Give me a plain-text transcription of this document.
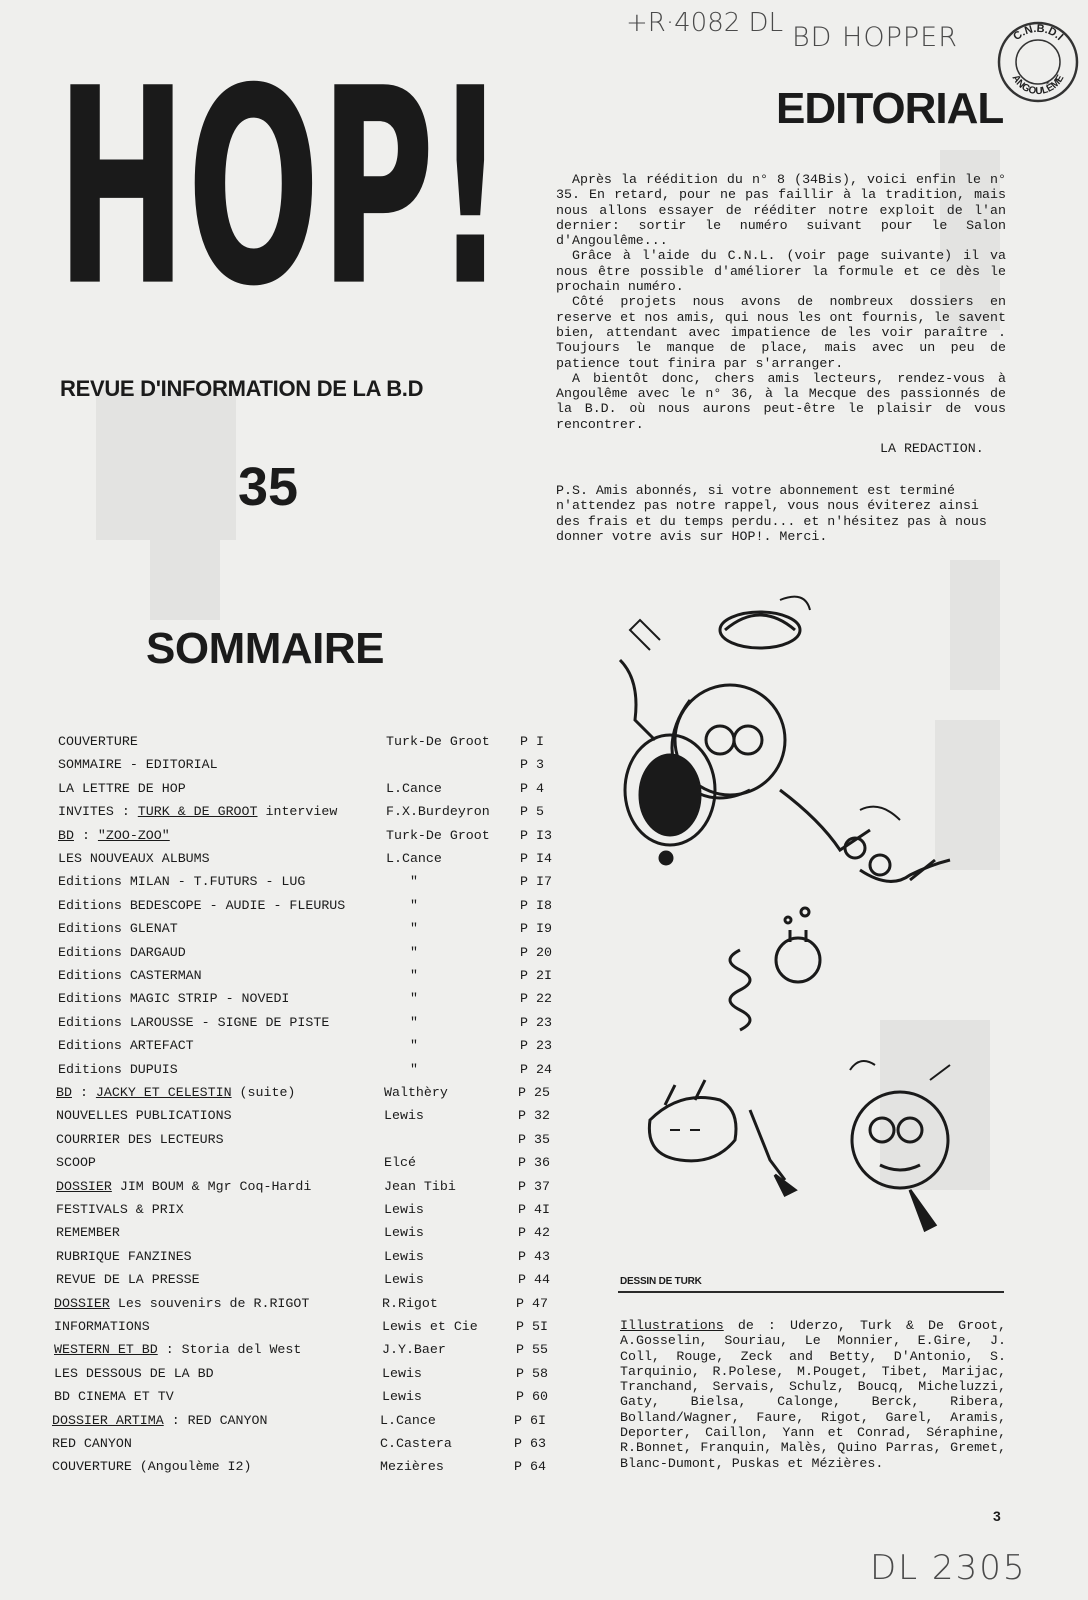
+R·4082 DL BD HOPPER
DL 2305
C.N.B.D.I
ANGOULÊME
HOP!
REVUE D'INFORMATION DE LA B.D
35
SOMMAIRE
EDITORIAL

Après la réédition du n° 8 (34Bis), voici enfin le n° 35. En retard, pour ne pas faillir à la tradition, mais nous allons essayer de rééditer notre exploit de l'an dernier: sortir le numéro suivant pour le Salon d'Angoulême...

Grâce à l'aide du C.N.L. (voir page suivante) il va nous être possible d'améliorer la formule et ce dès le prochain numéro.

Côté projets nous avons de nombreux dossiers en reserve et nos amis, qui nous les ont fournis, le savent bien, attendant avec impatience de les voir paraître . Toujours le manque de place, mais avec un peu de patience tout finira par s'arranger.

A bientôt donc, chers amis lecteurs, rendez-vous à Angoulême avec le n° 36, à la Mecque des passionnés de la B.D. où nous aurons peut-être le plaisir de vous rencontrer.

LA REDACTION.
P.S. Amis abonnés, si votre abonnement est terminé n'attendez pas notre rappel, vous nous éviterez ainsi des frais et du temps perdu... et n'hésitez pas à nous donner votre avis sur HOP!. Merci.
COUVERTURE	Turk-De Groot P I
SOMMAIRE - EDITORIAL	P 3
LA LETTRE DE HOP	L.Cance	P 4
INVITES : TURK & DE GROOT interview	F.X.Burdeyron P 5
BD : "ZOO-ZOO"	Turk-De Groot P I3
LES NOUVEAUX ALBUMS	L.Cance	P I4
Editions MILAN - T.FUTURS - LUG	"	P I7
Editions BEDESCOPE - AUDIE - FLEURUS	"	P I8
Editions GLENAT	"	P I9
Editions DARGAUD	"	P 20
Editions CASTERMAN	"	P 2I
Editions MAGIC STRIP - NOVEDI	"	P 22
Editions LAROUSSE - SIGNE DE PISTE	"	P 23
Editions ARTEFACT	"	P 23
Editions DUPUIS	"	P 24
BD : JACKY ET CELESTIN (suite)	Walthèry	P 25
NOUVELLES PUBLICATIONS	Lewis	P 32
COURRIER DES LECTEURS	P 35
SCOOP	Elcé	P 36
DOSSIER JIM BOUM & Mgr Coq-Hardi	Jean Tibi	P 37
FESTIVALS & PRIX	Lewis	P 4I
REMEMBER	Lewis	P 42
RUBRIQUE FANZINES	Lewis	P 43
REVUE DE LA PRESSE	Lewis	P 44
DOSSIER Les souvenirs de R.RIGOT	R.Rigot	P 47
INFORMATIONS	Lewis et Cie	P 5I
WESTERN ET BD : Storia del West	J.Y.Baer	P 55
LES DESSOUS DE LA BD	Lewis	P 58
BD CINEMA ET TV	Lewis	P 60
DOSSIER ARTIMA : RED CANYON	L.Cance	P 6I
RED CANYON	C.Castera	P 63
COUVERTURE (Angoulème I2)	Mezières	P 64
DESSIN DE TURK
Illustrations de : Uderzo, Turk & De Groot, A.Gosselin, Souriau, Le Monnier, E.Gire, J. Coll, Rouge, Zeck and Betty, D'Antonio, S. Tarquinio, R.Polese, M.Pouget, Tibet, Marijac, Tranchand, Servais, Schulz, Boucq, Micheluzzi, Gaty, Bielsa, Calonge, Berck, Ribera, Bolland/Wagner, Faure, Rigot, Garel, Aramis, Deporter, Caillon, Yann et Conrad, Séraphine, R.Bonnet, Franquin, Malès, Quino Parras, Gremet, Blanc-Dumont, Puskas et Mézières.
3
